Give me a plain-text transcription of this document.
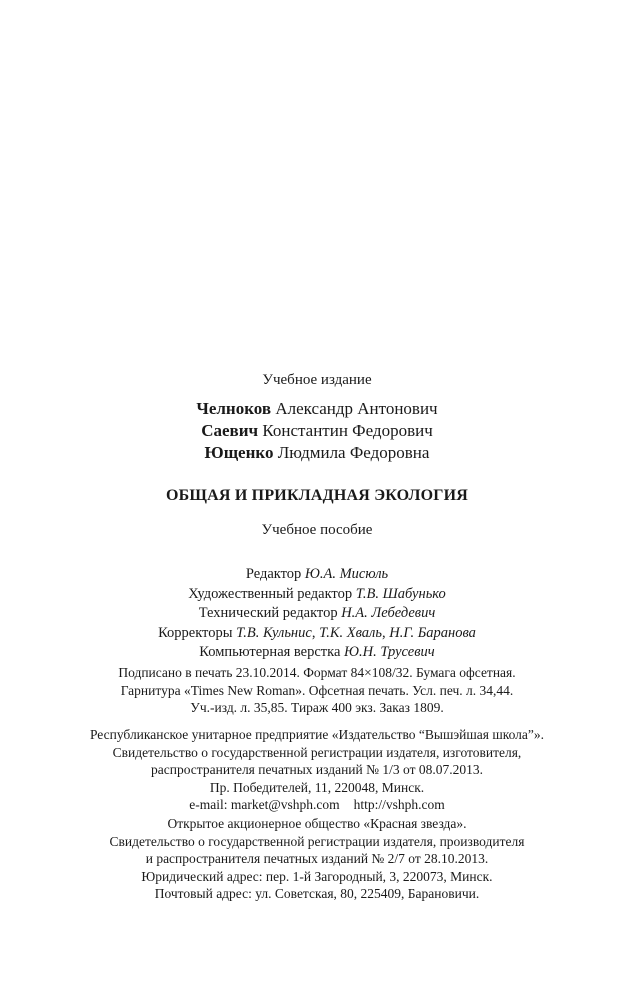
Учебное издание
Челноков Александр Антонович
Саевич Константин Федорович
Ющенко Людмила Федоровна
ОБЩАЯ И ПРИКЛАДНАЯ ЭКОЛОГИЯ
Учебное пособие
Редактор Ю.А. Мисюль
Художественный редактор Т.В. Шабунько
Технический редактор Н.А. Лебедевич
Корректоры Т.В. Кульнис, Т.К. Хваль, Н.Г. Баранова
Компьютерная верстка Ю.Н. Трусевич
Подписано в печать 23.10.2014. Формат 84×108/32. Бумага офсетная.
Гарнитура «Times New Roman». Офсетная печать. Усл. печ. л. 34,44.
Уч.-изд. л. 35,85. Тираж 400 экз. Заказ 1809.
Республиканское унитарное предприятие «Издательство “Вышэйшая школа”».
Свидетельство о государственной регистрации издателя, изготовителя,
распространителя печатных изданий № 1/3 от 08.07.2013.
Пр. Победителей, 11, 220048, Минск.
e-mail: market@vshph.com http://vshph.com
Открытое акционерное общество «Красная звезда».
Свидетельство о государственной регистрации издателя, производителя
и распространителя печатных изданий № 2/7 от 28.10.2013.
Юридический адрес: пер. 1-й Загородный, 3, 220073, Минск.
Почтовый адрес: ул. Советская, 80, 225409, Барановичи.
